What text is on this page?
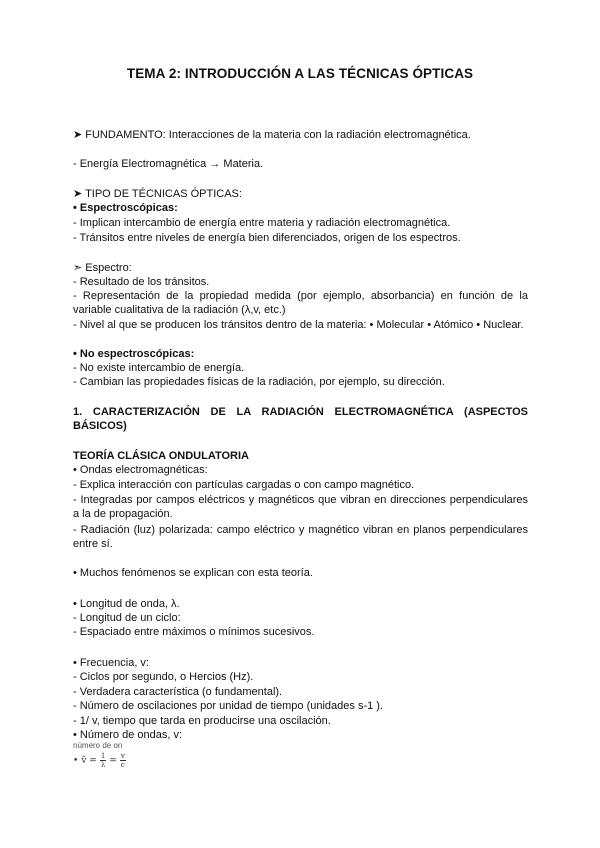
TEMA 2: INTRODUCCIÓN A LAS TÉCNICAS ÓPTICAS
➤ FUNDAMENTO: Interacciones de la materia con la radiación electromagnética.
- Energía Electromagnética → Materia.
➤ TIPO DE TÉCNICAS ÓPTICAS:
• Espectroscópicas:
- Implican intercambio de energía entre materia y radiación electromagnética.
- Tránsitos entre niveles de energía bien diferenciados, origen de los espectros.
➣ Espectro:
- Resultado de los tránsitos.
- Representación de la propiedad medida (por ejemplo, absorbancia) en función de la variable cualitativa de la radiación (λ,v, etc.)
- Nivel al que se producen los tránsitos dentro de la materia: • Molecular • Atómico • Nuclear.
• No espectroscópicas:
- No existe intercambio de energía.
- Cambian las propiedades físicas de la radiación, por ejemplo, su dirección.
1. CARACTERIZACIÓN DE LA RADIACIÓN ELECTROMAGNÉTICA (ASPECTOS BÁSICOS)
TEORÍA CLÁSICA ONDULATORIA
• Ondas electromagnéticas:
- Explica interacción con partículas cargadas o con campo magnético.
- Integradas por campos eléctricos y magnéticos que vibran en direcciones perpendiculares a la de propagación.
- Radiación (luz) polarizada: campo eléctrico y magnético vibran en planos perpendiculares entre sí.
• Muchos fenómenos se explican con esta teoría.
• Longitud de onda, λ.
- Longitud de un ciclo:
- Espaciado entre máximos o mínimos sucesivos.
• Frecuencia, v:
- Ciclos por segundo, o Hercios (Hz).
- Verdadera característica (o fundamental).
- Número de oscilaciones por unidad de tiempo (unidades s-1 ).
- 1/ v, tiempo que tarda en producirse una oscilación.
• Número de ondas, v:
número de on
• ṽ = $\frac{1}{\lambda} = \frac{v}{c}$
